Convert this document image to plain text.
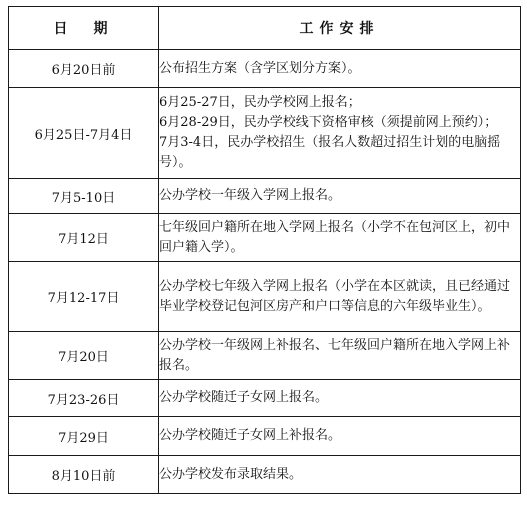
日　期	工作安排
6月20日前	公布招生方案（含学区划分方案）。

6月25日-7月4日	6月25-27日，民办学校网上报名；
6月28-29日，民办学校线下资格审核（须提前网上预约）；
7月3-4日，民办学校招生（报名人数超过招生计划的电脑摇号）。

7月5-10日	公办学校一年级入学网上报名。

7月12日	七年级回户籍所在地入学网上报名（小学不在包河区上，初中回户籍入学）。

7月12-17日	公办学校七年级入学网上报名（小学在本区就读，且已经通过毕业学校登记包河区房产和户口等信息的六年级毕业生）。

7月20日	公办学校一年级网上补报名、七年级回户籍所在地入学网上补报名。

7月23-26日	公办学校随迁子女网上报名。

7月29日	公办学校随迁子女网上补报名。

8月10日前	公办学校发布录取结果。
